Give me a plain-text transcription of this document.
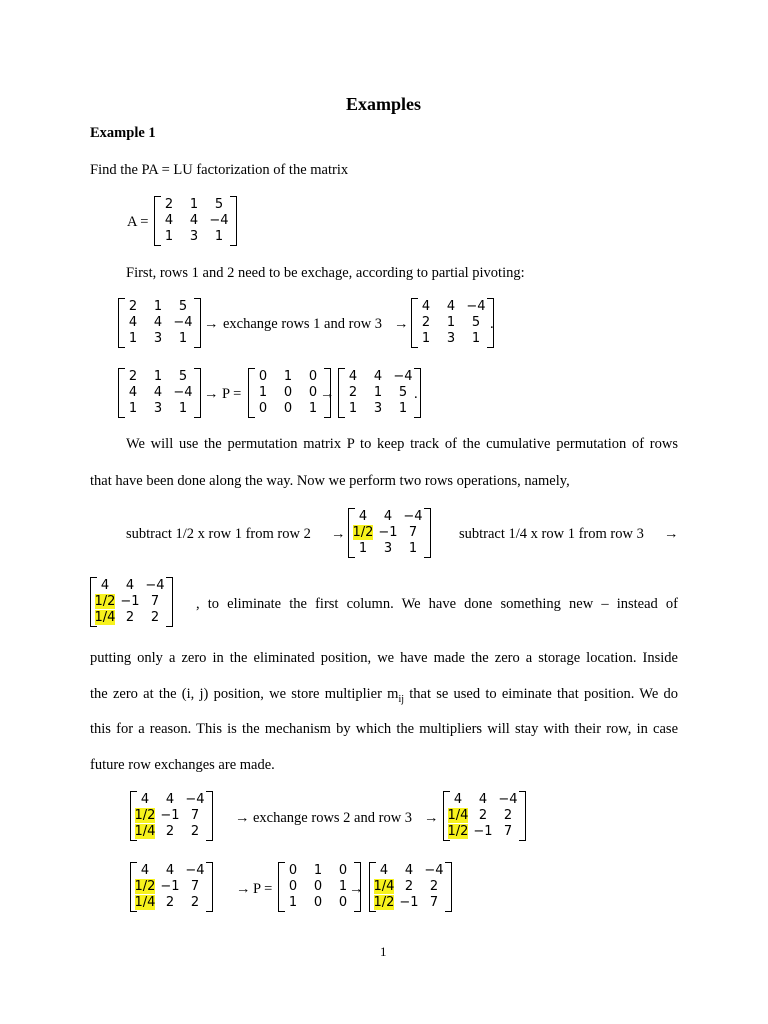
Examples
Example 1
Find the PA = LU factorization of the matrix
A =
2	1	5
4	4 −4
1	3	1
First, rows 1 and 2 need to be exchage, according to partial pivoting:
2	1	5
4	4 −4
1	3	1
→ exchange rows 1 and row 3 →
4	4 −4
2	1	5
1	3	1
.
2	1	5
4	4 −4
1	3	1
→ P =
0	1	0
1	0	0
0	0	1
→
4	4 −4
2	1	5
1	3	1
.
We will use the permutation matrix P to keep track of the cumulative permutation of rows
that have been done along the way. Now we perform two rows operations, namely,
subtract 1/2 x row 1 from row 2 →
4	4 −4
1/2 −1 7
1	3	1
subtract 1/4 x row 1 from row 3 →
4	4 −4
1/2 −1 7
1/4 2	2
, to eliminate the first column. We have done something new – instead of
putting only a zero in the eliminated position, we have made the zero a storage location. Inside
the zero at the (i, j) position, we store multiplier $m_{ij}$ that se used to eiminate that position. We do
this for a reason. This is the mechanism by which the multipliers will stay with their row, in case
future row exchanges are made.
4	4 −4
1/2 −1 7
1/4 2	2
→ exchange rows 2 and row 3 →
4	4 −4
1/4 2	2
1/2 −1 7
4	4 −4
1/2 −1 7
1/4 2	2
→ P =
0	1	0
0	0	1
1	0	0
→
4	4 −4
1/4 2	2
1/2 −1 7
1
